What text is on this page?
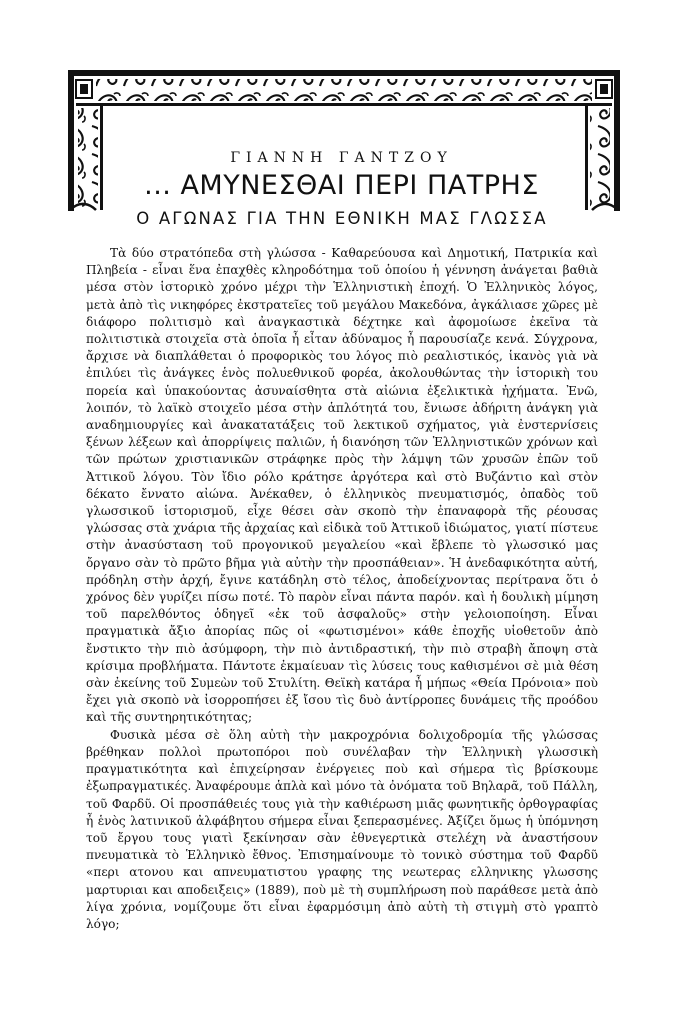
ΓΙΑΝΝΗ ΓΑΝΤΖΟΥ
... ΑΜΥΝΕΣΘΑΙ ΠΕΡΙ ΠΑΤΡΗΣ
Ο ΑΓΩΝΑΣ ΓΙΑ ΤΗΝ ΕΘΝΙΚΗ ΜΑΣ ΓΛΩΣΣΑ

Τὰ δύο στρατόπεδα στὴ γλώσσα - Καθαρεύουσα καὶ Δημοτική, Πατρικία καὶ Πληβεία - εἶναι ἕνα ἐπαχθὲς κληροδότημα τοῦ ὁποίου ἡ γέννηση ἀνάγεται βαθιὰ μέσα στὸν ἱστορικὸ χρόνο μέχρι τὴν Ἑλληνιστικὴ ἐποχή. Ὁ Ἑλληνικὸς λόγος, μετὰ ἀπὸ τὶς νικηφόρες ἐκστρατεῖες τοῦ μεγάλου Μακεδόνα, ἀγκάλιασε χῶρες μὲ διάφορο πολιτισμὸ καὶ ἀναγκαστικὰ δέχτηκε καὶ ἀφομοίωσε ἐκεῖνα τὰ πολιτιστικὰ στοιχεῖα στὰ ὁποῖα ἦ εἶταν ἀδύναμος ἦ παρουσίαζε κενά. Σύγχρονα, ἄρχισε νὰ διαπλάθεται ὁ προφορικὸς του λόγος πιὸ ρεαλιστικός, ἱκανὸς γιὰ νὰ ἐπιλύει τὶς ἀνάγκες ἑνὸς πολυεθνικοῦ φορέα, ἀκολουθώντας τὴν ἱστορικὴ του πορεία καὶ ὑπακούοντας ἀσυναίσθητα στὰ αἰώνια ἐξελικτικὰ ἠχήματα. Ἐνῶ, λοιπόν, τὸ λαϊκὸ στοιχεῖο μέσα στὴν ἁπλότητά του, ἔνιωσε ἀδήριτη ἀνάγκη γιὰ αναδημιουργίες καὶ ἀνακατατάξεις τοῦ λεκτικοῦ σχήματος, γιὰ ἐνστερνίσεις ξένων λέξεων καὶ ἀπορρίψεις παλιῶν, ἡ διανόηση τῶν Ἑλληνιστικῶν χρόνων καὶ τῶν πρώτων χριστιανικῶν στράφηκε πρὸς τὴν λάμψη τῶν χρυσῶν ἐπῶν τοῦ Ἀττικοῦ λόγου. Τὸν ἴδιο ρόλο κράτησε ἀργότερα καὶ στὸ Βυζάντιο καὶ στὸν δέκατο ἔννατο αἰώνα. Ἀνέκαθεν, ὁ ἑλληνικὸς πνευματισμός, ὀπαδὸς τοῦ γλωσσικοῦ ἱστορισμοῦ, εἶχε θέσει σὰν σκοπὸ τὴν ἐπαναφορὰ τῆς ρέουσας γλώσσας στὰ χνάρια τῆς ἀρχαίας καὶ εἰδικὰ τοῦ Ἀττικοῦ ἰδιώματος, γιατί πίστευε στὴν ἀνασύσταση τοῦ προγονικοῦ μεγαλείου «καὶ ἔβλεπε τὸ γλωσσικό μας ὄργανο σὰν τὸ πρῶτο βῆμα γιὰ αὐτὴν τὴν προσπάθειαν». Ἡ ἀνεδαφικότητα αὐτή, πρόδηλη στὴν ἀρχή, ἔγινε κατάδηλη στὸ τέλος, ἀποδείχνοντας περίτρανα ὅτι ὁ χρόνος δὲν γυρίζει πίσω ποτέ. Τὸ παρὸν εἶναι πάντα παρόν. καὶ ἡ δουλικὴ μίμηση τοῦ παρελθόντος ὁδηγεῖ «ἐκ τοῦ ἀσφαλοῦς» στὴν γελοιοποίηση. Εἶναι πραγματικὰ ἄξιο ἀπορίας πῶς οἱ «φωτισμένοι» κάθε ἐποχῆς υἱοθετοῦν ἀπὸ ἔνστικτο τὴν πιὸ ἀσύμφορη, τὴν πιὸ ἀντιδραστική, τὴν πιὸ στραβὴ ἄποψη στὰ κρίσιμα προβλήματα. Πάντοτε ἐκμαίευαν τὶς λύσεις τους καθισμένοι σὲ μιὰ θέση σὰν ἐκείνης τοῦ Συμεὼν τοῦ Στυλίτη. Θεϊκὴ κατάρα ἦ μήπως «Θεία Πρόνοια» ποὺ ἔχει γιὰ σκοπὸ νὰ ἰσορροπήσει ἐξ ἴσου τὶς δυὸ ἀντίρροπες δυνάμεις τῆς προόδου καὶ τῆς συντηρητικότητας;

Φυσικὰ μέσα σὲ ὅλη αὐτὴ τὴν μακροχρόνια δολιχοδρομία τῆς γλώσσας βρέθηκαν πολλοὶ πρωτοπόροι ποὺ συνέλαβαν τὴν Ἑλληνικὴ γλωσσικὴ πραγματικότητα καὶ ἐπιχείρησαν ἐνέργειες ποὺ καὶ σήμερα τὶς βρίσκουμε ἐξωπραγματικές. Ἀναφέρουμε ἁπλὰ καὶ μόνο τὰ ὀνόματα τοῦ Βηλαρᾶ, τοῦ Πάλλη, τοῦ Φαρδῦ. Οἱ προσπάθειές τους γιὰ τὴν καθιέρωση μιᾶς φωνητικῆς ὀρθογραφίας ἦ ἑνὸς λατινικοῦ ἀλφάβητου σήμερα εἶναι ξεπερασμένες. Ἀξίζει ὅμως ἡ ὑπόμνηση τοῦ ἔργου τους γιατὶ ξεκίνησαν σὰν ἐθνεγερτικὰ στελέχη νὰ ἀναστήσουν πνευματικὰ τὸ Ἑλληνικὸ ἔθνος. Ἐπισημαίνουμε τὸ τονικὸ σύστημα τοῦ Φαρδῦ «περι ατονου και απνευματιστου γραφης της νεωτερας ελληνικης γλωσσης μαρτυριαι και αποδειξεις» (1889), ποὺ μὲ τὴ συμπλήρωση ποὺ παράθεσε μετὰ ἀπὸ λίγα χρόνια, νομίζουμε ὅτι εἶναι ἐφαρμόσιμη ἀπὸ αὐτὴ τὴ στιγμὴ στὸ γραπτὸ λόγο;
